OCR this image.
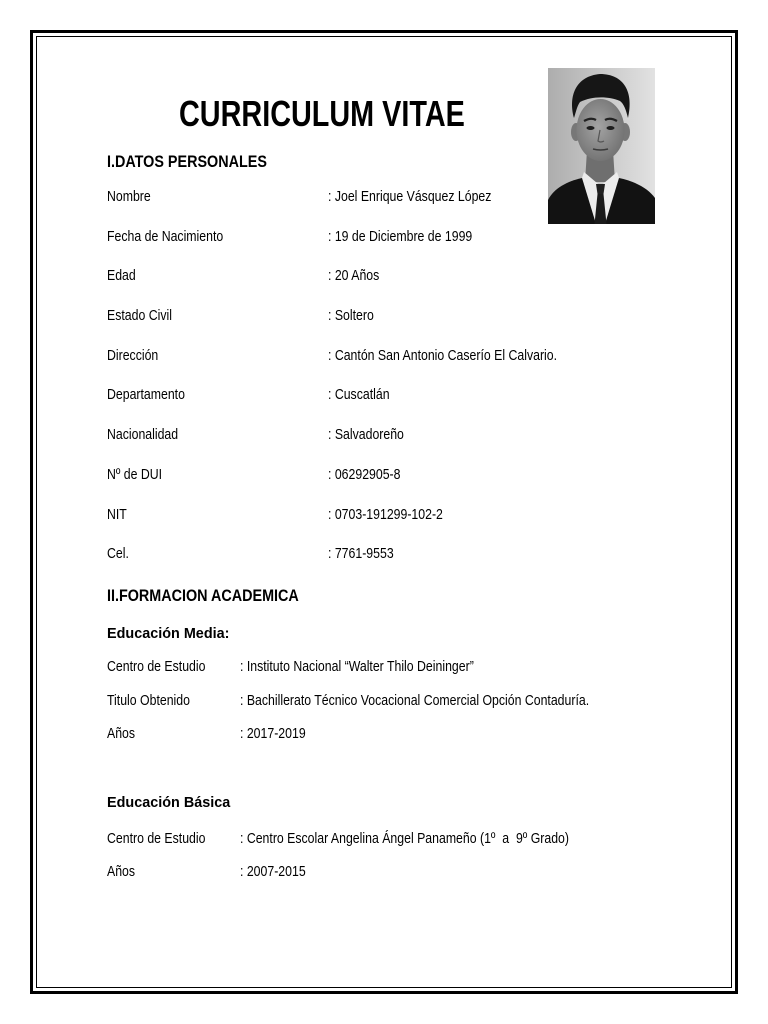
CURRICULUM VITAE
I.DATOS PERSONALES
Nombre	: Joel Enrique Vásquez López
Fecha de Nacimiento	: 19 de Diciembre de 1999
Edad	: 20 Años
Estado Civil	: Soltero
Dirección	: Cantón San Antonio Caserío El Calvario.
Departamento	: Cuscatlán
Nacionalidad	: Salvadoreño
Nº de DUI	: 06292905-8
NIT	: 0703-191299-102-2
Cel.	: 7761-9553
II.FORMACION ACADEMICA
Educación Media:
Centro de Estudio : Instituto Nacional “Walter Thilo Deininger”
Titulo Obtenido	: Bachillerato Técnico Vocacional Comercial Opción Contaduría.
Años	: 2017-2019
Educación Básica
Centro de Estudio : Centro Escolar Angelina Ángel Panameño (1º  a  9º Grado)
Años	: 2007-2015
